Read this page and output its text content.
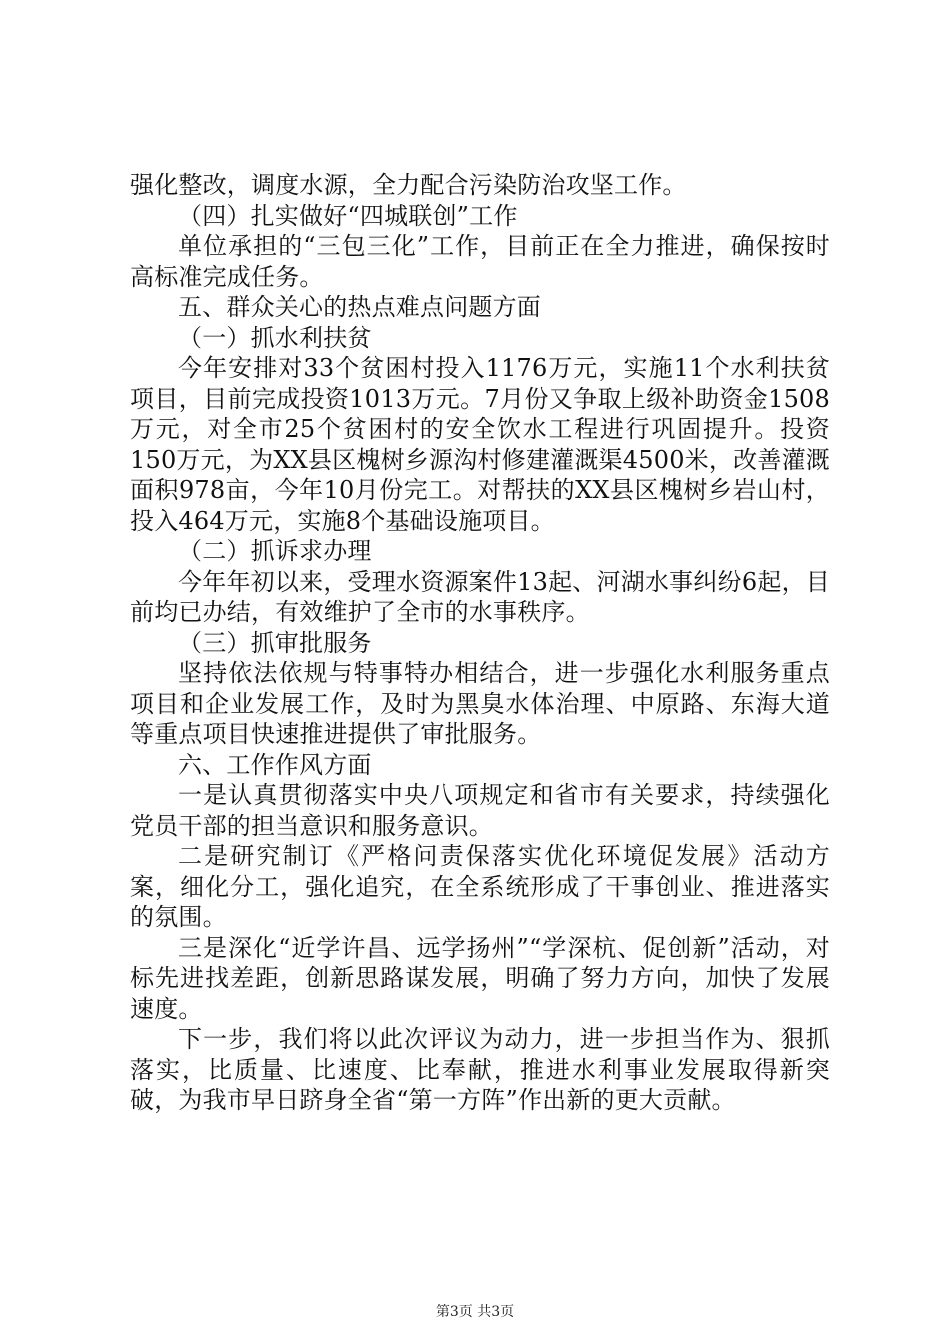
强化整改，调度水源，全力配合污染防治攻坚工作。

（四）扎实做好“四城联创”工作

单位承担的“三包三化”工作，目前正在全力推进，确保按时高标准完成任务。

五、群众关心的热点难点问题方面

（一）抓水利扶贫

今年安排对33个贫困村投入1176万元，实施11个水利扶贫项目，目前完成投资1013万元。7月份又争取上级补助资金1508万元，对全市25个贫困村的安全饮水工程进行巩固提升。投资150万元，为XX县区槐树乡源沟村修建灌溉渠4500米，改善灌溉面积978亩，今年10月份完工。对帮扶的XX县区槐树乡岩山村，投入464万元，实施8个基础设施项目。

（二）抓诉求办理

今年年初以来，受理水资源案件13起、河湖水事纠纷6起，目前均已办结，有效维护了全市的水事秩序。

（三）抓审批服务

坚持依法依规与特事特办相结合，进一步强化水利服务重点项目和企业发展工作，及时为黑臭水体治理、中原路、东海大道等重点项目快速推进提供了审批服务。

六、工作作风方面

一是认真贯彻落实中央八项规定和省市有关要求，持续强化党员干部的担当意识和服务意识。

二是研究制订《严格问责保落实优化环境促发展》活动方案，细化分工，强化追究，在全系统形成了干事创业、推进落实的氛围。

三是深化“近学许昌、远学扬州”“学深杭、促创新”活动，对标先进找差距，创新思路谋发展，明确了努力方向，加快了发展速度。

下一步，我们将以此次评议为动力，进一步担当作为、狠抓落实，比质量、比速度、比奉献，推进水利事业发展取得新突破，为我市早日跻身全省“第一方阵”作出新的更大贡献。

第3页 共3页
